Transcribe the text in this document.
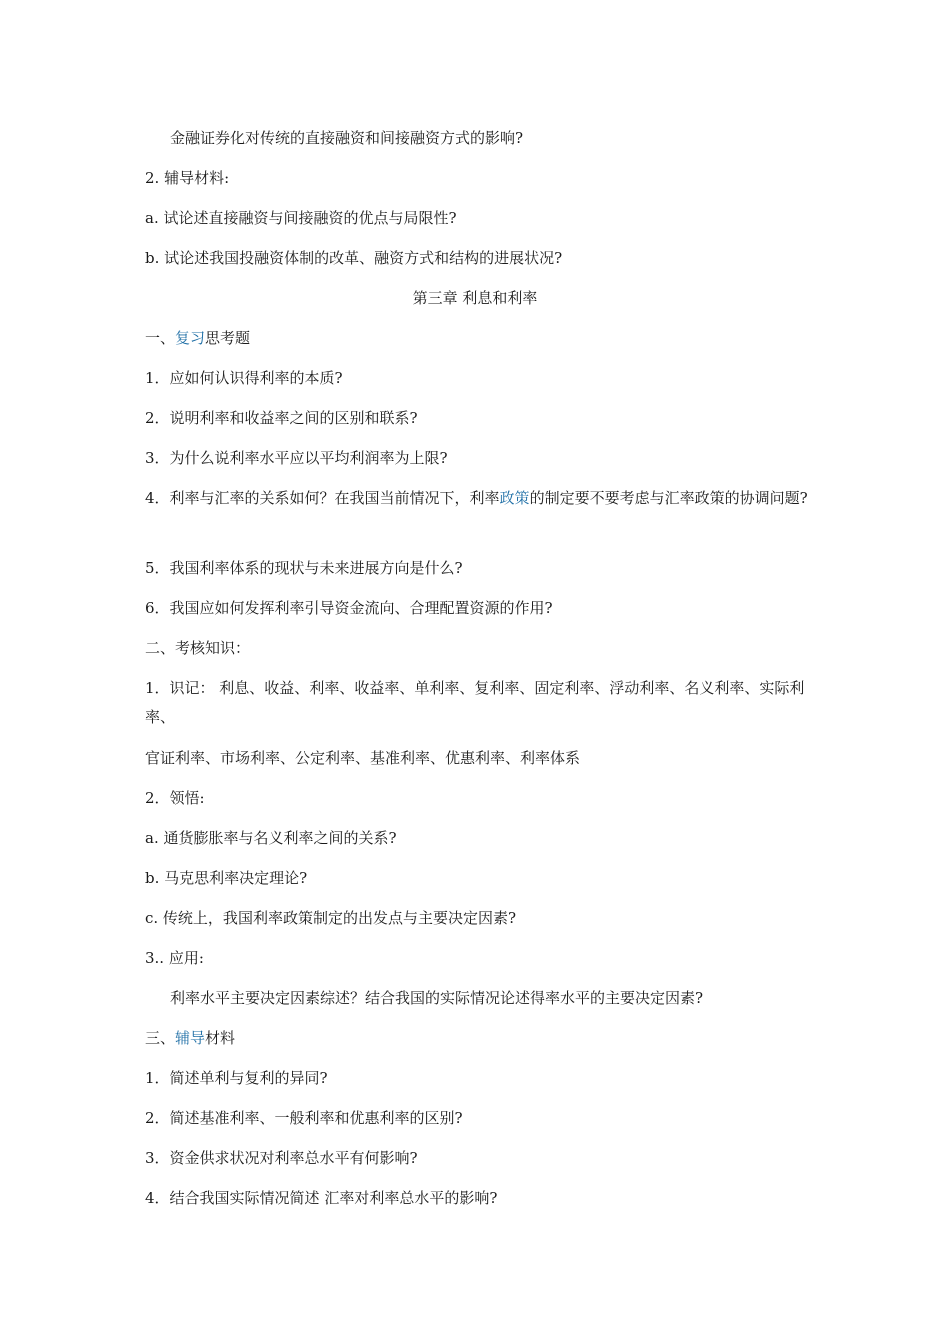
金融证券化对传统的直接融资和间接融资方式的影响?

2. 辅导材料:

a. 试论述直接融资与间接融资的优点与局限性?

b. 试论述我国投融资体制的改革、融资方式和结构的进展状况?

第三章 利息和利率

一、复习思考题

1．应如何认识得利率的本质?

2．说明利率和收益率之间的区别和联系?

3．为什么说利率水平应以平均利润率为上限?

4．利率与汇率的关系如何？在我国当前情况下，利率政策的制定要不要考虑与汇率政策的协调问题?

5．我国利率体系的现状与未来进展方向是什么?

6．我国应如何发挥利率引导资金流向、合理配置资源的作用?

二、考核知识：

1．识记： 利息、收益、利率、收益率、单利率、复利率、固定利率、浮动利率、名义利率、实际利率、

官证利率、市场利率、公定利率、基准利率、优惠利率、利率体系

2．领悟:

a. 通货膨胀率与名义利率之间的关系?

b. 马克思利率决定理论?

c. 传统上，我国利率政策制定的出发点与主要决定因素?

3.. 应用:

利率水平主要决定因素综述？结合我国的实际情况论述得率水平的主要决定因素?

三、辅导材料

1．简述单利与复利的异同?

2．简述基准利率、一般利率和优惠利率的区别?

3．资金供求状况对利率总水平有何影响?

4．结合我国实际情况简述 汇率对利率总水平的影响?
